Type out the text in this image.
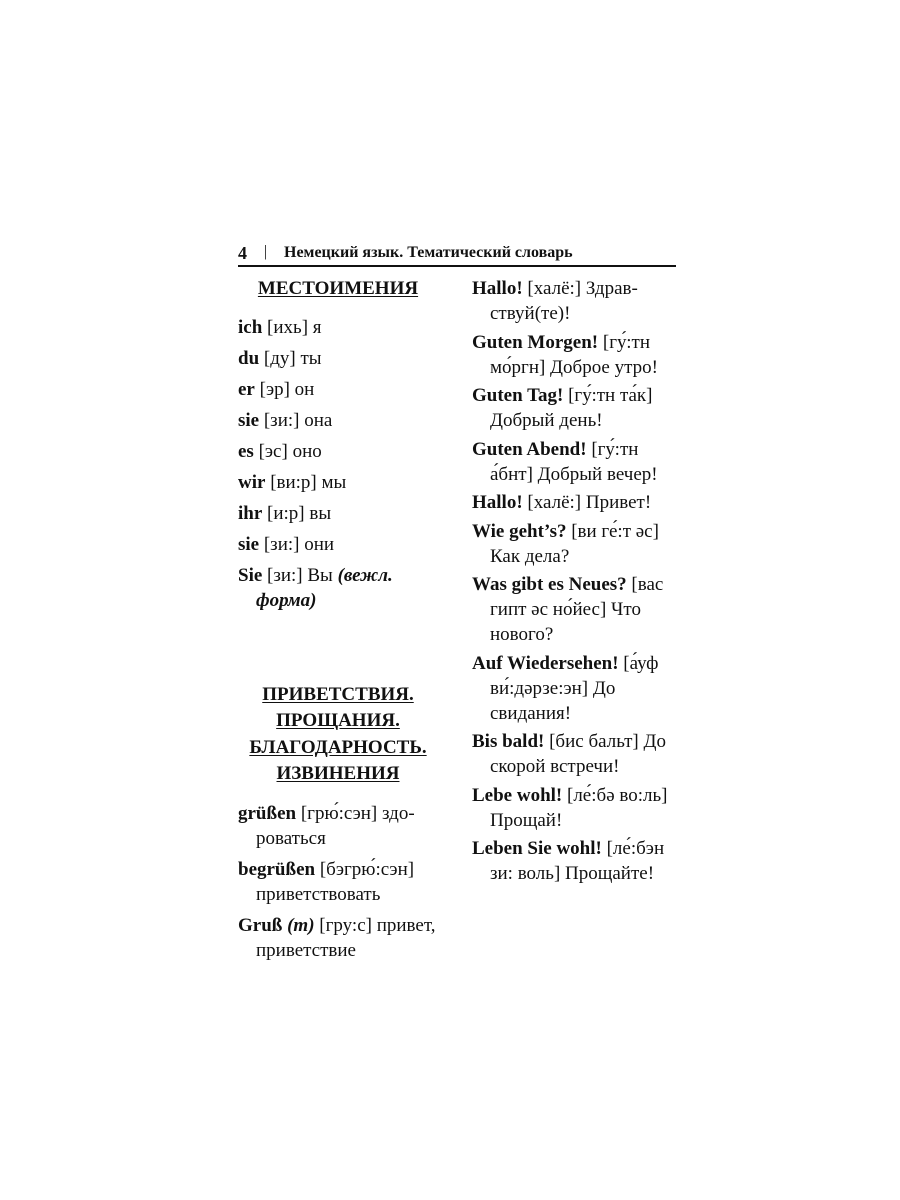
4 | Немецкий язык. Тематический словарь
МЕСТОИМЕНИЯ
ich [ихь] я
du [ду] ты
er [эр] он
sie [зи:] она
es [эс] оно
wir [ви:р] мы
ihr [и:р] вы
sie [зи:] они
Sie [зи:] Вы (вежл. форма)
ПРИВЕТСТВИЯ.
ПРОЩАНИЯ.
БЛАГОДАРНОСТЬ.
ИЗВИНЕНИЯ
grüßen [грю́:сэн] здороваться
begrüßen [бэгрю́:сэн] приветствовать
Gruß (m) [гру:с] привет, приветствие
Hallo! [халё:] Здравствуй(те)!
Guten Morgen! [гу́:тн мо́ргн] Доброе утро!
Guten Tag! [гу́:тн та́к] Добрый день!
Guten Abend! [гу́:тн а́бнт] Добрый вечер!
Hallo! [халё:] Привет!
Wie geht’s? [ви ге́:т əс] Как дела?
Was gibt es Neues? [вас гипт əс но́йес] Что нового?
Auf Wiedersehen! [а́уф ви́:дəрзе:эн] До свидания!
Bis bald! [бис бальт] До скорой встречи!
Lebe wohl! [ле́:бə во:ль] Прощай!
Leben Sie wohl! [ле́:бэн зи: воль] Прощайте!
